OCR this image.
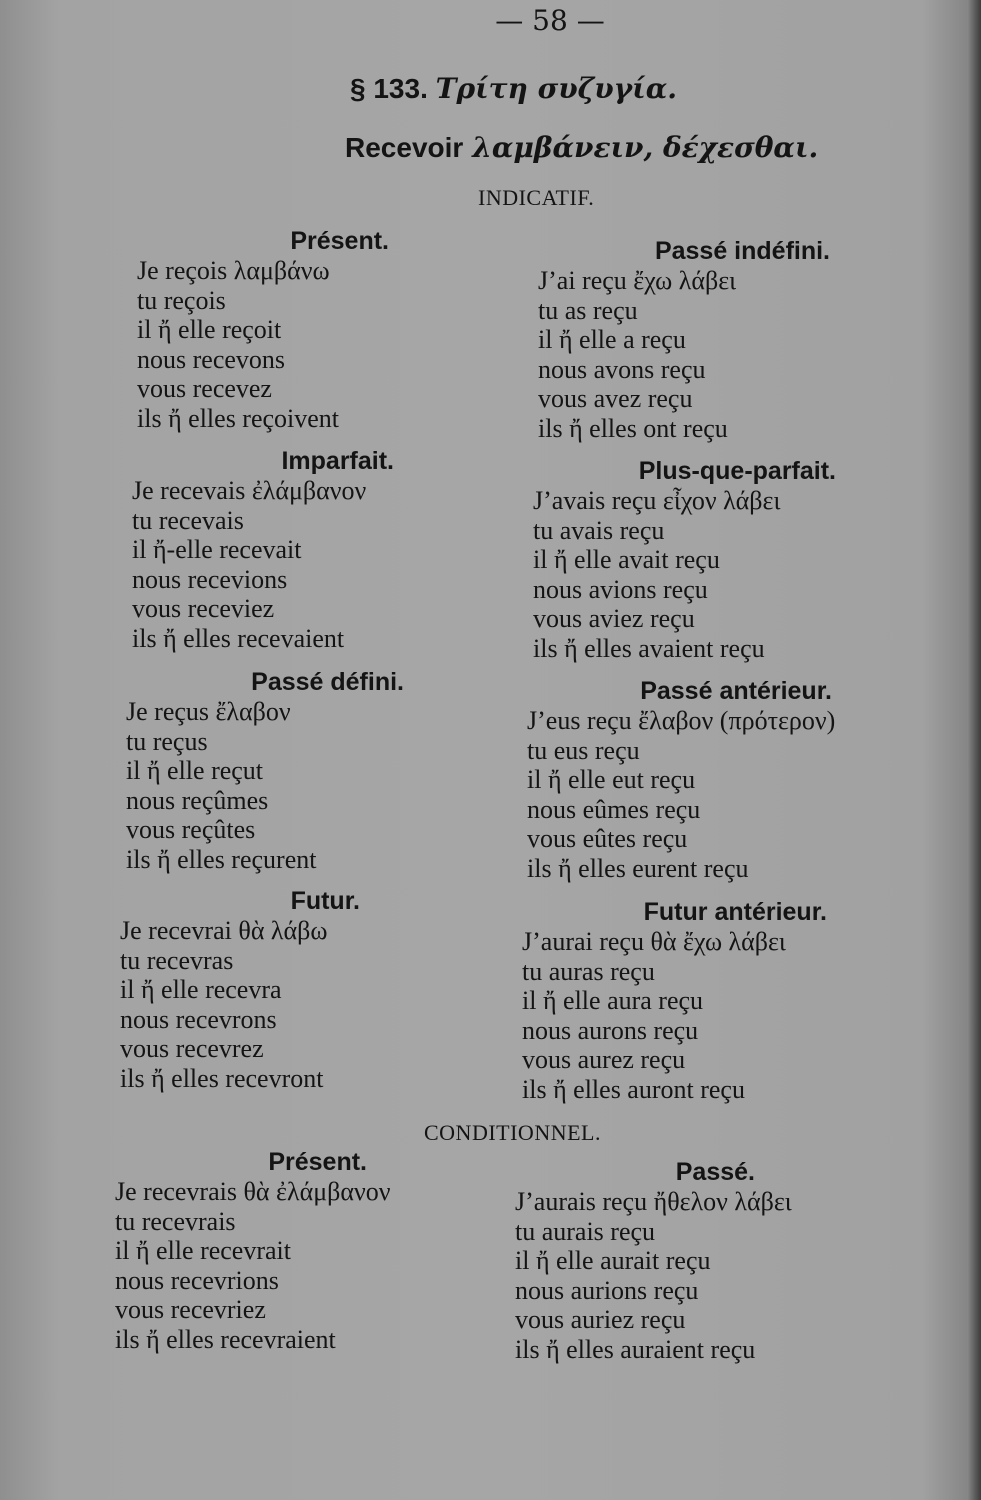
— 58 —
§ 133. Τρίτη συζυγία.
Recevoir λαμβάνειν, δέχεσθαι.
INDICATIF.
CONDITIONNEL.
Présent.
Je reçois λαμβάνω
tu reçois
il ἤ elle reçoit
nous recevons
vous recevez
ils ἤ elles reçoivent
Imparfait.
Je recevais ἐλάμβανον
tu recevais
il ἤ-elle recevait
nous recevions
vous receviez
ils ἤ elles recevaient
Passé défini.
Je reçus ἔλαβον
tu reçus
il ἤ elle reçut
nous reçûmes
vous reçûtes
ils ἤ elles reçurent
Futur.
Je recevrai θὰ λάβω
tu recevras
il ἤ elle recevra
nous recevrons
vous recevrez
ils ἤ elles recevront
Passé indéfini.
J’ai reçu ἔχω λάβει
tu as reçu
il ἤ elle a reçu
nous avons reçu
vous avez reçu
ils ἤ elles ont reçu
Plus-que-parfait.
J’avais reçu εἶχον λάβει
tu avais reçu
il ἤ elle avait reçu
nous avions reçu
vous aviez reçu
ils ἤ elles avaient reçu
Passé antérieur.
J’eus reçu ἔλαβον (πρότερον)
tu eus reçu
il ἤ elle eut reçu
nous eûmes reçu
vous eûtes reçu
ils ἤ elles eurent reçu
Futur antérieur.
J’aurai reçu θὰ ἔχω λάβει
tu auras reçu
il ἤ elle aura reçu
nous aurons reçu
vous aurez reçu
ils ἤ elles auront reçu
Présent.
Je recevrais θὰ ἐλάμβανον
tu recevrais
il ἤ elle recevrait
nous recevrions
vous recevriez
ils ἤ elles recevraient
Passé.
J’aurais reçu ἤθελον λάβει
tu aurais reçu
il ἤ elle aurait reçu
nous aurions reçu
vous auriez reçu
ils ἤ elles auraient reçu
